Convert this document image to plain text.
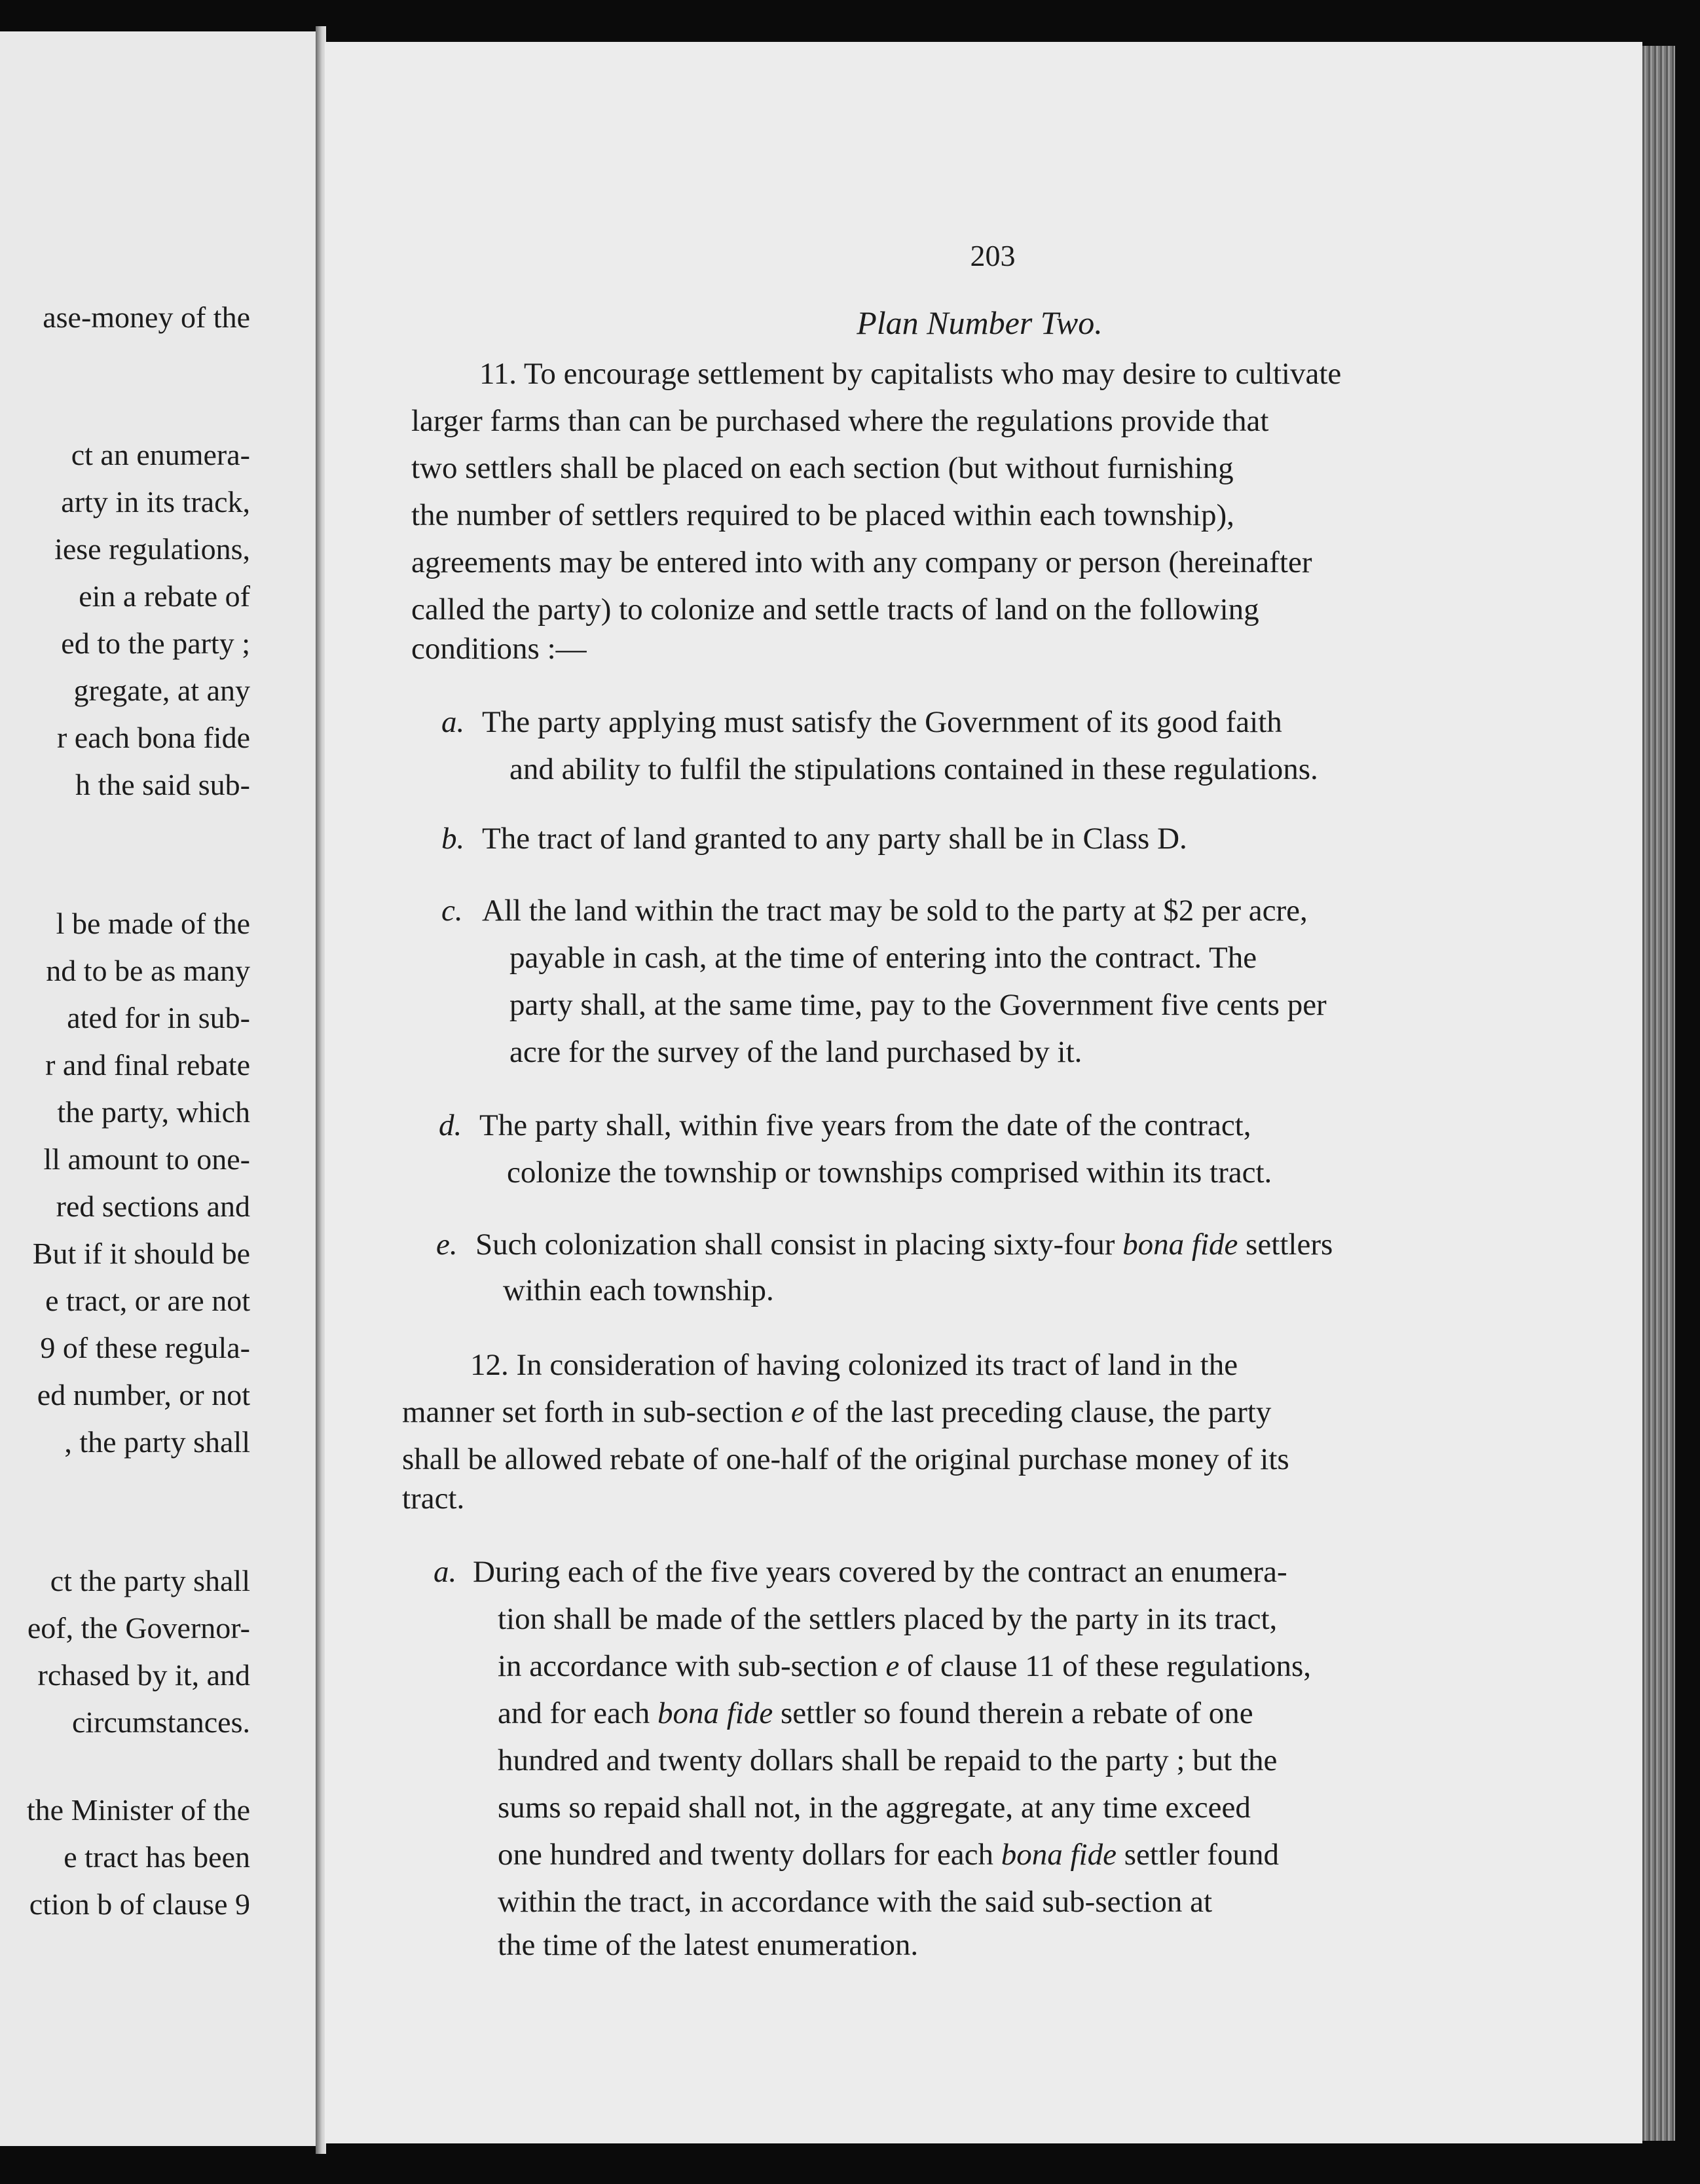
ase-money of the
ct an enumera-
arty in its track,
iese regulations,
ein a rebate of
ed to the party ;
gregate, at any
r each bona fide
h the said sub-
l be made of the
nd to be as many
ated for in sub-
r and final rebate
the party, which
ll amount to one-
red sections and
But if it should be
e tract, or are not
9 of these regula-
ed number, or not
, the party shall
ct the party shall
eof, the Governor-
rchased by it, and
circumstances.
the Minister of the
e tract has been
ction b of clause 9
203
Plan Number Two.
11. To encourage settlement by capitalists who may desire to cultivate
larger farms than can be purchased where the regulations provide that
two settlers shall be placed on each section (but without furnishing
the number of settlers required to be placed within each township),
agreements may be entered into with any company or person (hereinafter
called the party) to colonize and settle tracts of land on the following
conditions :—
a. The party applying must satisfy the Government of its good faith
and ability to fulfil the stipulations contained in these regulations.
b. The tract of land granted to any party shall be in Class D.
c. All the land within the tract may be sold to the party at $2 per acre,
payable in cash, at the time of entering into the contract. The
party shall, at the same time, pay to the Government five cents per
acre for the survey of the land purchased by it.
d. The party shall, within five years from the date of the contract,
colonize the township or townships comprised within its tract.
e. Such colonization shall consist in placing sixty-four bona fide settlers
within each township.
12. In consideration of having colonized its tract of land in the
manner set forth in sub-section e of the last preceding clause, the party
shall be allowed rebate of one-half of the original purchase money of its
tract.
a. During each of the five years covered by the contract an enumera-
tion shall be made of the settlers placed by the party in its tract,
in accordance with sub-section e of clause 11 of these regulations,
and for each bona fide settler so found therein a rebate of one
hundred and twenty dollars shall be repaid to the party ; but the
sums so repaid shall not, in the aggregate, at any time exceed
one hundred and twenty dollars for each bona fide settler found
within the tract, in accordance with the said sub-section at
the time of the latest enumeration.
